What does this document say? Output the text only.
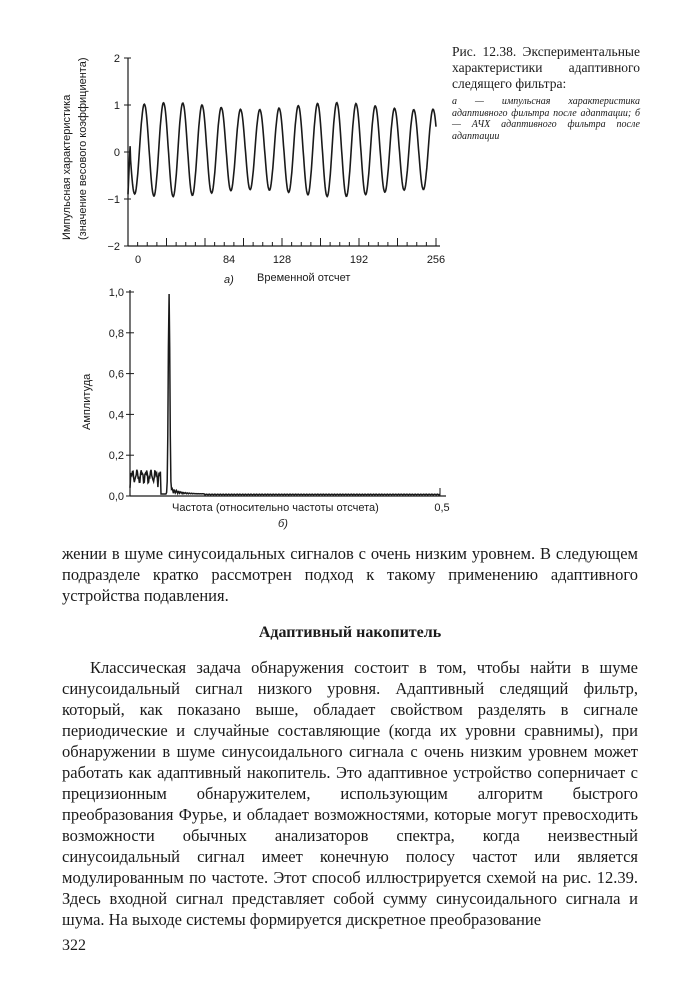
2
1
0
−1
−2
0	84	128	192	256
Импульсная характеристика (значение весового коэффициента)
а) Временной отсчет
1,0
0,8
0,6
0,4
0,2
0,0
0,5
Амплитуда
Частота (относительно частоты отсчета)
б)
Рис. 12.38. Экспериментальные характеристики адаптивного следящего фильтра:
а — импульсная характеристика адаптивного фильтра после адаптации; б — АЧХ адаптивного фильтра после адаптации

жении в шуме синусоидальных сигналов с очень низким уровнем. В следующем подразделе кратко рассмотрен подход к такому применению адаптивного устройства подавления.

Адаптивный накопитель

Классическая задача обнаружения состоит в том, чтобы найти в шуме синусоидальный сигнал низкого уровня. Адаптивный следящий фильтр, который, как показано выше, обладает свойством разделять в сигнале периодические и случайные составляющие (когда их уровни сравнимы), при обнаружении в шуме синусоидального сигнала с очень низким уровнем может работать как адаптивный накопитель. Это адаптивное устройство соперничает с прецизионным обнаружителем, использующим алгоритм быстрого преобразования Фурье, и обладает возможностями, которые могут превосходить возможности обычных анализаторов спектра, когда неизвестный синусоидальный сигнал имеет конечную полосу частот или является модулированным по частоте. Этот способ иллюстрируется схемой на рис. 12.39. Здесь входной сигнал представляет собой сумму синусоидального сигнала и шума. На выходе системы формируется дискретное преобразование

322
